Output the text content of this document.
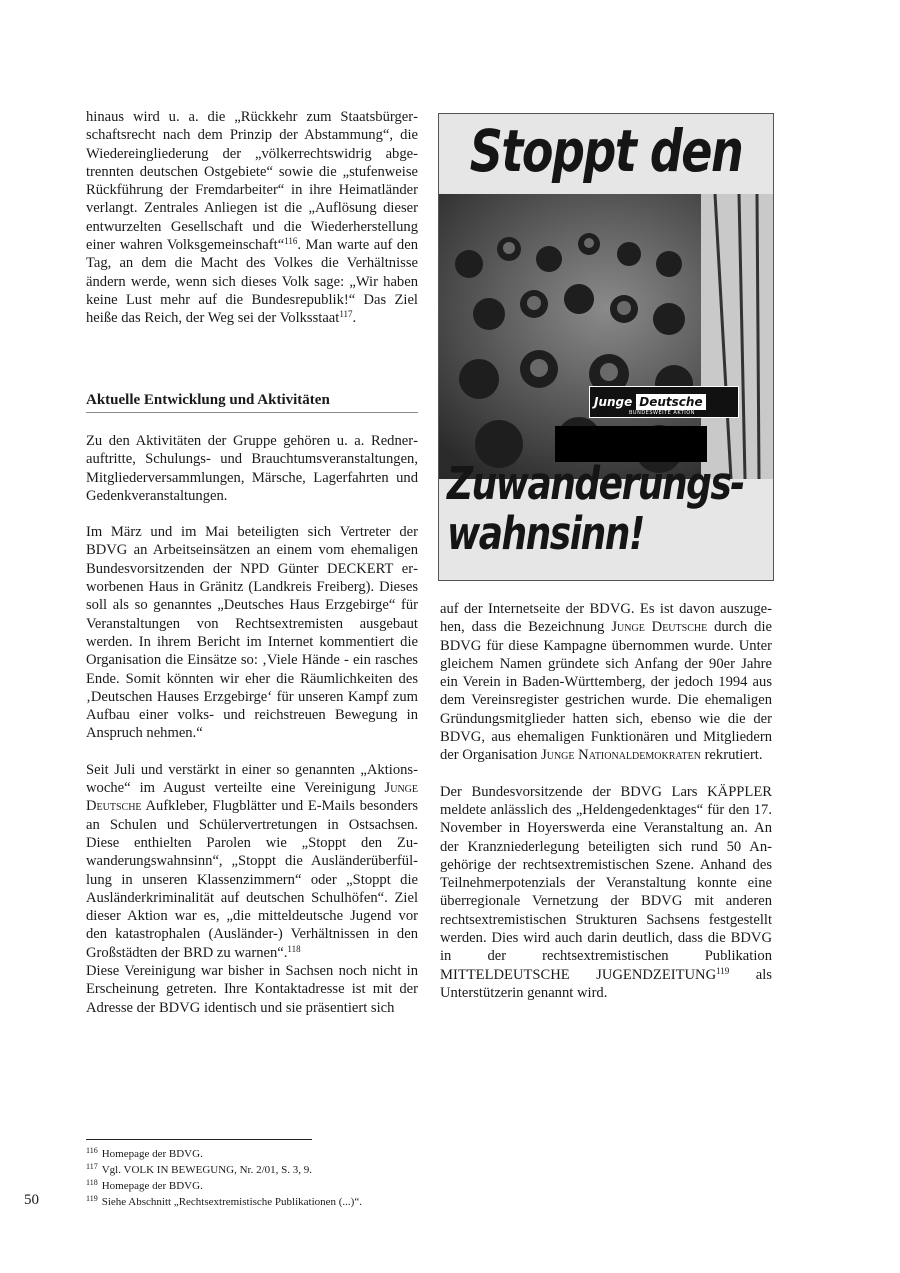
hinaus wird u. a. die „Rückkehr zum Staatsbürgerschaftsrecht nach dem Prinzip der Abstammung“, die Wiedereingliederung der „völkerrechtswidrig abgetrennten deutschen Ostgebiete“ sowie die „stufenweise Rückführung der Fremdarbeiter“ in ihre Heimatländer verlangt. Zentrales Anliegen ist die „Auflösung dieser entwurzelten Gesellschaft und die Wiederherstellung einer wahren Volksgemeinschaft“$^{116}$. Man warte auf den Tag, an dem die Macht des Volkes die Verhältnisse ändern werde, wenn sich dieses Volk sage: „Wir haben keine Lust mehr auf die Bundesrepublik!“ Das Ziel heiße das Reich, der Weg sei der Volksstaat$^{117}$.

Aktuelle Entwicklung und Aktivitäten

Zu den Aktivitäten der Gruppe gehören u. a. Rednerauftritte, Schulungs- und Brauchtumsveranstaltungen, Mitgliederversammlungen, Märsche, Lagerfahrten und Gedenkveranstaltungen.

Im März und im Mai beteiligten sich Vertreter der BDVG an Arbeitseinsätzen an einem vom ehemaligen Bundesvorsitzenden der NPD Günter DECKERT erworbenen Haus in Gränitz (Landkreis Freiberg). Dieses soll als so genanntes „Deutsches Haus Erzgebirge“ für Veranstaltungen von Rechtsextremisten ausgebaut werden. In ihrem Bericht im Internet kommentiert die Organisation die Einsätze so: ‚Viele Hände - ein rasches Ende. Somit könnten wir eher die Räumlichkeiten des ‚Deutschen Hauses Erzgebirge‘ für unseren Kampf zum Aufbau einer volks- und reichstreuen Bewegung in Anspruch nehmen.“

Seit Juli und verstärkt in einer so genannten „Aktionswoche“ im August verteilte eine Vereinigung Junge Deutsche Aufkleber, Flugblätter und E-Mails besonders an Schulen und Schülervertretungen in Ostsachsen. Diese enthielten Parolen wie „Stoppt den Zuwanderungswahnsinn“, „Stoppt die Ausländerüberfüllung in unseren Klassenzimmern“ oder „Stoppt die Ausländerkriminalität auf deutschen Schulhöfen“. Ziel dieser Aktion war es, „die mitteldeutsche Jugend vor den katastrophalen (Ausländer-) Verhältnissen in den Großstädten der BRD zu warnen“.$^{118}$

Diese Vereinigung war bisher in Sachsen noch nicht in Erscheinung getreten. Ihre Kontaktadresse ist mit der Adresse der BDVG identisch und sie präsentiert sich

Stoppt den
Junge Deutsche
BUNDESWEITE AKTION
Zuwanderungs-
wahnsinn!

auf der Internetseite der BDVG. Es ist davon auszugehen, dass die Bezeichnung Junge Deutsche durch die BDVG für diese Kampagne übernommen wurde. Unter gleichem Namen gründete sich Anfang der 90er Jahre ein Verein in Baden-Württemberg, der jedoch 1994 aus dem Vereinsregister gestrichen wurde. Die ehemaligen Gründungsmitglieder hatten sich, ebenso wie die der BDVG, aus ehemaligen Funktionären und Mitgliedern der Organisation Junge Nationaldemokraten rekrutiert.

Der Bundesvorsitzende der BDVG Lars KÄPPLER meldete anlässlich des „Heldengedenktages“ für den 17. November in Hoyerswerda eine Veranstaltung an. An der Kranzniederlegung beteiligten sich rund 50 Angehörige der rechtsextremistischen Szene. Anhand des Teilnehmerpotenzials der Veranstaltung konnte eine überregionale Vernetzung der BDVG mit anderen rechtsextremistischen Strukturen Sachsens festgestellt werden. Dies wird auch darin deutlich, dass die BDVG in der rechtsextremistischen Publikation MITTELDEUTSCHE JUGENDZEITUNG$^{119}$ als Unterstützerin genannt wird.

$^{116}$ Homepage der BDVG.
$^{117}$ Vgl. VOLK IN BEWEGUNG, Nr. 2/01, S. 3, 9.
$^{118}$ Homepage der BDVG.
$^{119}$ Siehe Abschnitt „Rechtsextremistische Publikationen (...)“.
50
